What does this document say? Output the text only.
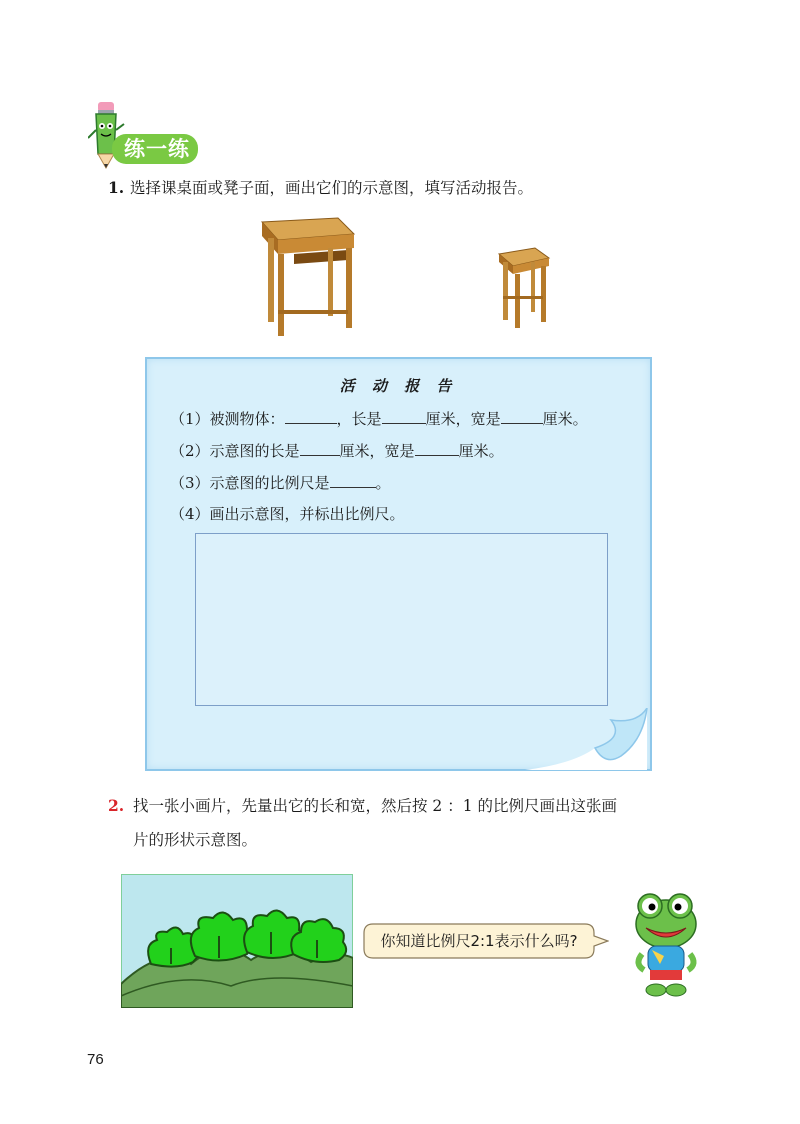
练一练
1. 选择课桌面或凳子面，画出它们的示意图，填写活动报告。
活 动 报 告
（1）被测物体：	，长是	厘米，宽是	厘米。
（2）示意图的长是	厘米，宽是	厘米。
（3）示意图的比例尺是	。
（4）画出示意图，并标出比例尺。
2. 找一张小画片，先量出它的长和宽，然后按 2 ：1 的比例尺画出这张画
片的形状示意图。
你知道比例尺2:1表示什么吗?
76
